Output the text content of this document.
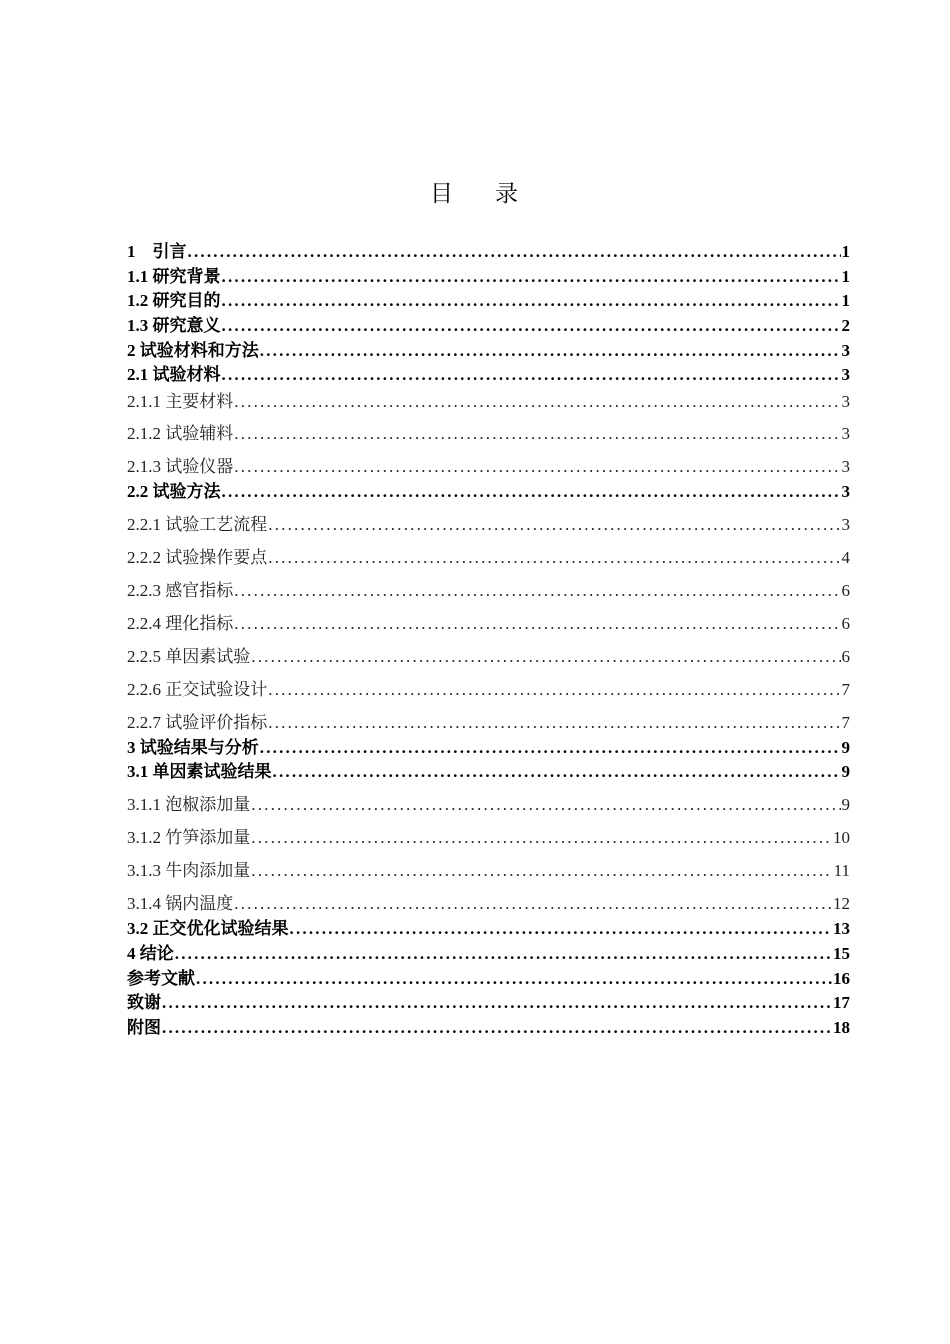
目 录
1　引言 .....	1
1.1 研究背景 .....	1
1.2 研究目的 .....	1
1.3 研究意义 .....	2
2 试验材料和方法 .....	3
2.1 试验材料 .....	3
2.1.1 主要材料 .....	3
2.1.2 试验辅料 .....	3
2.1.3 试验仪器 .....	3
2.2 试验方法 .....	3
2.2.1 试验工艺流程 .....	3
2.2.2 试验操作要点 .....	4
2.2.3 感官指标 .....	6
2.2.4 理化指标 .....	6
2.2.5 单因素试验 .....	6
2.2.6 正交试验设计 .....	7
2.2.7 试验评价指标 .....	7
3 试验结果与分析 .....	9
3.1 单因素试验结果 .....	9
3.1.1 泡椒添加量 .....	9
3.1.2 竹笋添加量 .....	10
3.1.3 牛肉添加量 .....	11
3.1.4 锅内温度 .....	12
3.2 正交优化试验结果 .....	13
4 结论 .....	15
参考文献 .....	16
致谢 .....	17
附图 .....	18
